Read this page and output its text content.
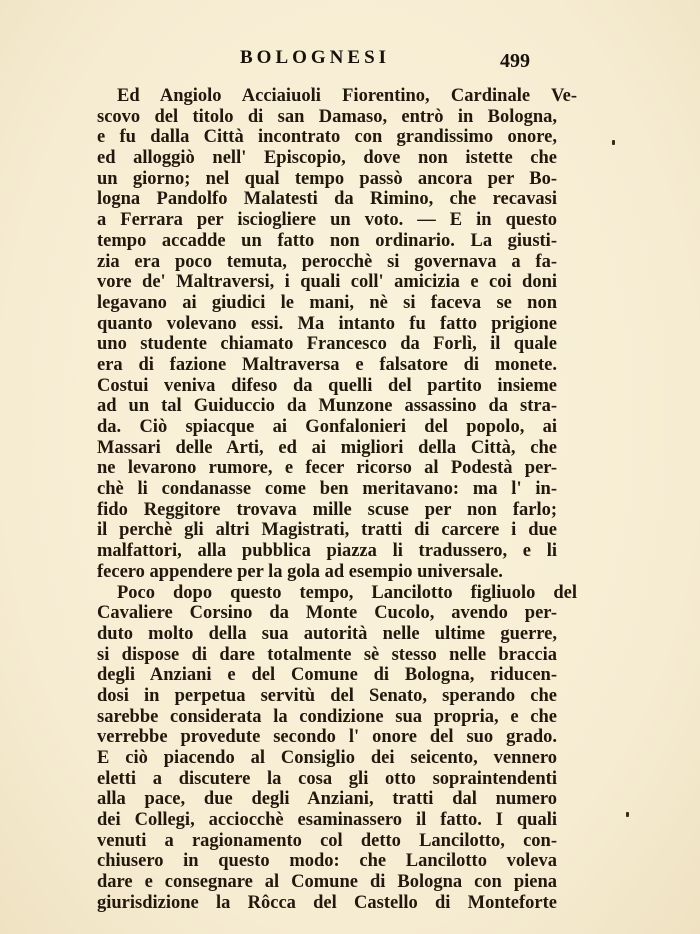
BOLOGNESI	499
Ed Angiolo Acciaiuoli Fiorentino, Cardinale Ve-
scovo del titolo di san Damaso, entrò in Bologna,
e fu dalla Città incontrato con grandissimo onore,
ed alloggiò nell' Episcopio, dove non istette che
un giorno; nel qual tempo passò ancora per Bo-
logna Pandolfo Malatesti da Rimino, che recavasi
a Ferrara per isciogliere un voto. — E in questo
tempo accadde un fatto non ordinario. La giusti-
zia era poco temuta, perocchè si governava a fa-
vore de' Maltraversi, i quali coll' amicizia e coi doni
legavano ai giudici le mani, nè si faceva se non
quanto volevano essi. Ma intanto fu fatto prigione
uno studente chiamato Francesco da Forlì, il quale
era di fazione Maltraversa e falsatore di monete.
Costui veniva difeso da quelli del partito insieme
ad un tal Guiduccio da Munzone assassino da stra-
da. Ciò spiacque ai Gonfalonieri del popolo, ai
Massari delle Arti, ed ai migliori della Città, che
ne levarono rumore, e fecer ricorso al Podestà per-
chè li condanasse come ben meritavano: ma l' in-
fido Reggitore trovava mille scuse per non farlo;
il perchè gli altri Magistrati, tratti di carcere i due
malfattori, alla pubblica piazza li tradussero, e li
fecero appendere per la gola ad esempio universale.
Poco dopo questo tempo, Lancilotto figliuolo del
Cavaliere Corsino da Monte Cucolo, avendo per-
duto molto della sua autorità nelle ultime guerre,
si dispose di dare totalmente sè stesso nelle braccia
degli Anziani e del Comune di Bologna, riducen-
dosi in perpetua servitù del Senato, sperando che
sarebbe considerata la condizione sua propria, e che
verrebbe provedute secondo l' onore del suo grado.
E ciò piacendo al Consiglio dei seicento, vennero
eletti a discutere la cosa gli otto sopraintendenti
alla pace, due degli Anziani, tratti dal numero
dei Collegi, acciocchè esaminassero il fatto. I quali
venuti a ragionamento col detto Lancilotto, con-
chiusero in questo modo: che Lancilotto voleva
dare e consegnare al Comune di Bologna con piena
giurisdizione la Rôcca del Castello di Monteforte
